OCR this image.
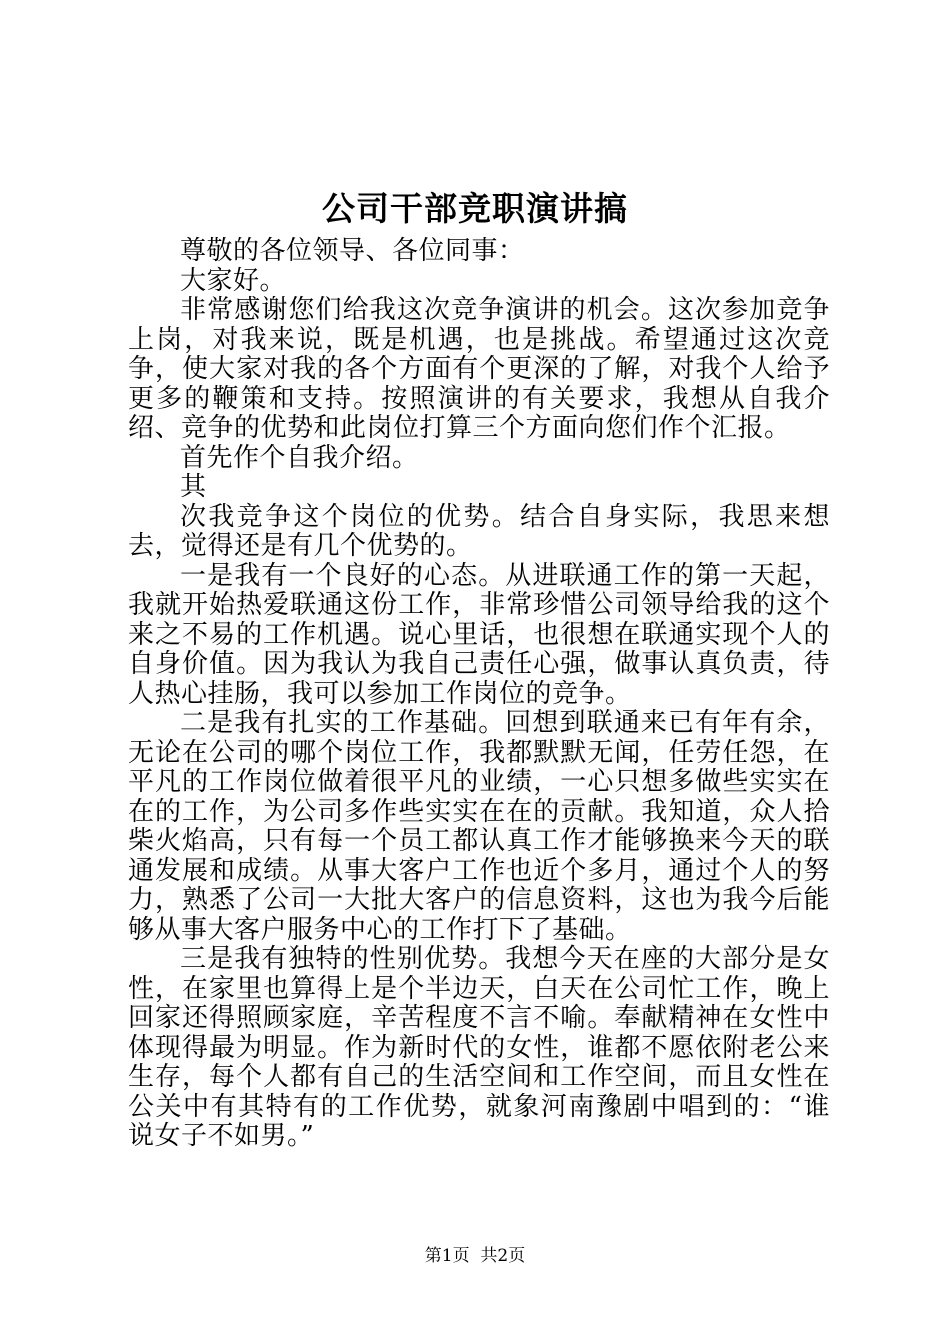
公司干部竞职演讲搞

尊敬的各位领导、各位同事：

大家好。

非常感谢您们给我这次竞争演讲的机会。这次参加竞争上岗，对我来说，既是机遇，也是挑战。希望通过这次竞争，使大家对我的各个方面有个更深的了解，对我个人给予更多的鞭策和支持。按照演讲的有关要求，我想从自我介绍、竞争的优势和此岗位打算三个方面向您们作个汇报。

首先作个自我介绍。

其

次我竞争这个岗位的优势。结合自身实际，我思来想去，觉得还是有几个优势的。

一是我有一个良好的心态。从进联通工作的第一天起，我就开始热爱联通这份工作，非常珍惜公司领导给我的这个来之不易的工作机遇。说心里话，也很想在联通实现个人的自身价值。因为我认为我自己责任心强，做事认真负责，待人热心挂肠，我可以参加工作岗位的竞争。

二是我有扎实的工作基础。回想到联通来已有年有余，无论在公司的哪个岗位工作，我都默默无闻，任劳任怨，在平凡的工作岗位做着很平凡的业绩，一心只想多做些实实在在的工作，为公司多作些实实在在的贡献。我知道，众人拾柴火焰高，只有每一个员工都认真工作才能够换来今天的联通发展和成绩。从事大客户工作也近个多月，通过个人的努力，熟悉了公司一大批大客户的信息资料，这也为我今后能够从事大客户服务中心的工作打下了基础。

三是我有独特的性别优势。我想今天在座的大部分是女性，在家里也算得上是个半边天，白天在公司忙工作，晚上回家还得照顾家庭，辛苦程度不言不喻。奉献精神在女性中体现得最为明显。作为新时代的女性，谁都不愿依附老公来生存，每个人都有自己的生活空间和工作空间，而且女性在公关中有其特有的工作优势，就象河南豫剧中唱到的：“谁说女子不如男。”

第1页 共2页
